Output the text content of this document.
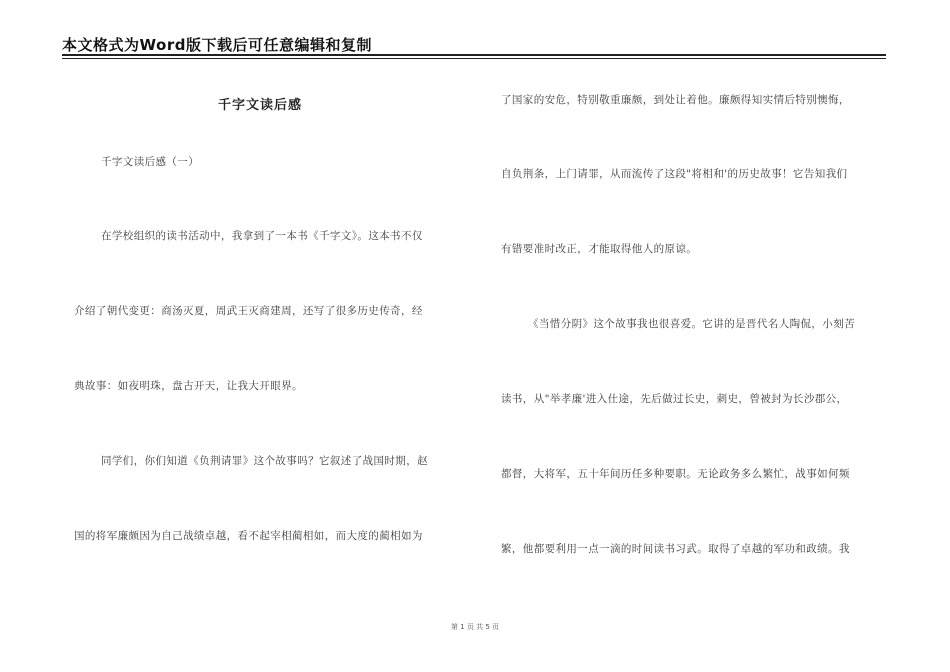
本文格式为Word版下载后可任意编辑和复制
千字文读后感
千字文读后感（一）
在学校组织的读书活动中，我拿到了一本书《千字文》。这本书不仅
介绍了朝代变更：商汤灭夏，周武王灭商建周，还写了很多历史传奇，经
典故事：如夜明珠，盘古开天，让我大开眼界。
同学们，你们知道《负荆请罪》这个故事吗？它叙述了战国时期，赵
国的将军廉颇因为自己战绩卓越，看不起宰相蔺相如，而大度的蔺相如为
了国家的安危，特别敬重廉颇，到处让着他。廉颇得知实情后特别懊悔，
自负荆条，上门请罪，从而流传了这段"将相和'的历史故事！它告知我们
有错要准时改正，才能取得他人的原谅。
《当惜分阴》这个故事我也很喜爱。它讲的是晋代名人陶侃，小刻苦
读书，从"举孝廉'进入仕途，先后做过长史，刺史，曾被封为长沙郡公，
都督，大将军，五十年间历任多种要职。无论政务多么繁忙，战事如何频
繁，他都要利用一点一滴的时间读书习武。取得了卓越的军功和政绩。我
第 1 页 共 5 页
